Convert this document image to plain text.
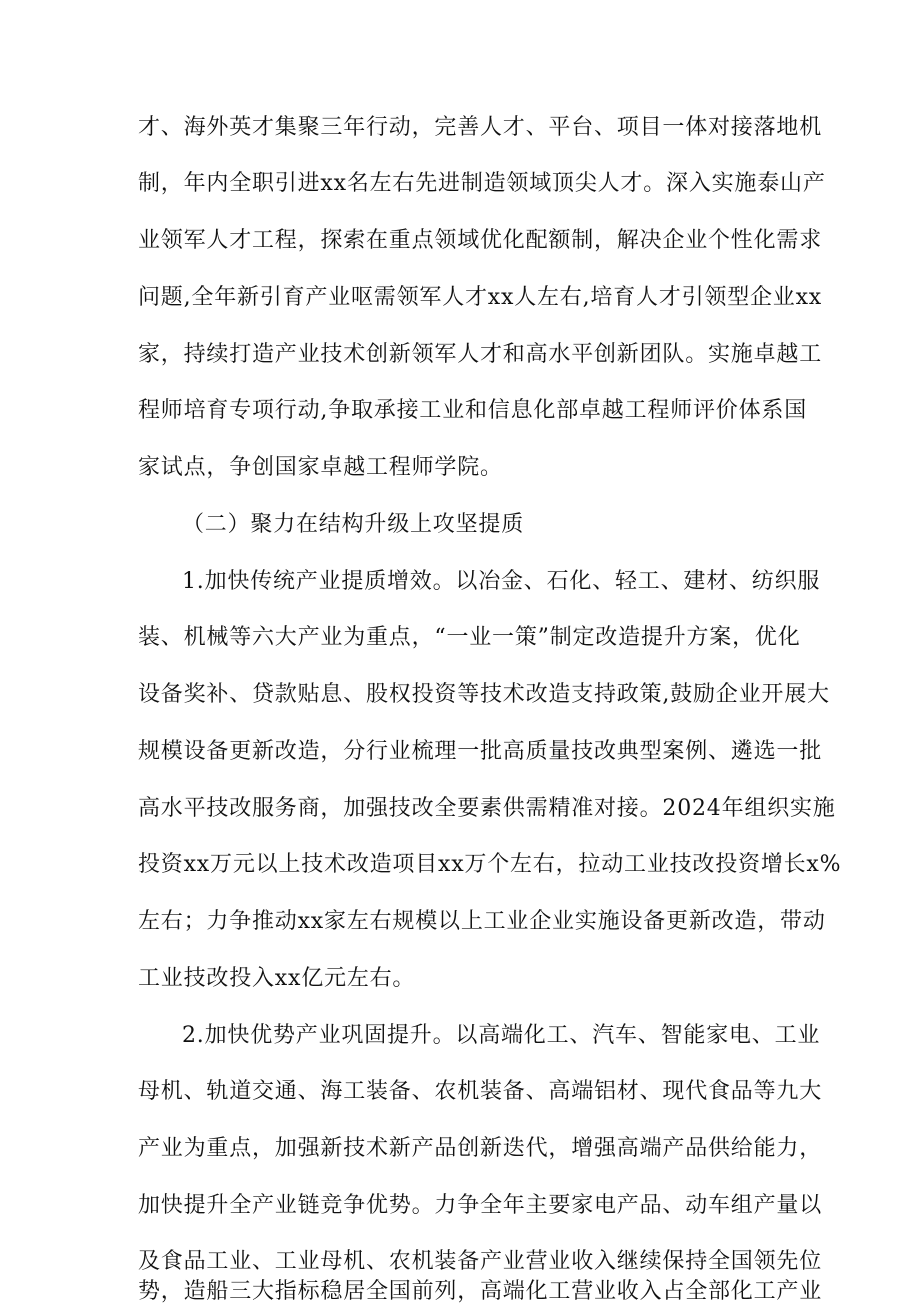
才、海外英才集聚三年行动，完善人才、平台、项目一体对接落地机
制，年内全职引进xx名左右先进制造领域顶尖人才。深入实施泰山产
业领军人才工程，探索在重点领域优化配额制，解决企业个性化需求
问题,全年新引育产业呕需领军人才xx人左右,培育人才引领型企业xx
家，持续打造产业技术创新领军人才和高水平创新团队。实施卓越工
程师培育专项行动,争取承接工业和信息化部卓越工程师评价体系国
家试点，争创国家卓越工程师学院。
（二）聚力在结构升级上攻坚提质
1.加快传统产业提质增效。以冶金、石化、轻工、建材、纺织服
装、机械等六大产业为重点，“一业一策”制定改造提升方案，优化
设备奖补、贷款贴息、股权投资等技术改造支持政策,鼓励企业开展大
规模设备更新改造，分行业梳理一批高质量技改典型案例、遴选一批
高水平技改服务商，加强技改全要素供需精准对接。2024年组织实施
投资xx万元以上技术改造项目xx万个左右，拉动工业技改投资增长x%
左右；力争推动xx家左右规模以上工业企业实施设备更新改造，带动
工业技改投入xx亿元左右。
2.加快优势产业巩固提升。以高端化工、汽车、智能家电、工业
母机、轨道交通、海工装备、农机装备、高端铝材、现代食品等九大
产业为重点，加强新技术新产品创新迭代，增强高端产品供给能力，
加快提升全产业链竞争优势。力争全年主要家电产品、动车组产量以
及食品工业、工业母机、农机装备产业营业收入继续保持全国领先位
势，造船三大指标稳居全国前列，高端化工营业收入占全部化工产业
